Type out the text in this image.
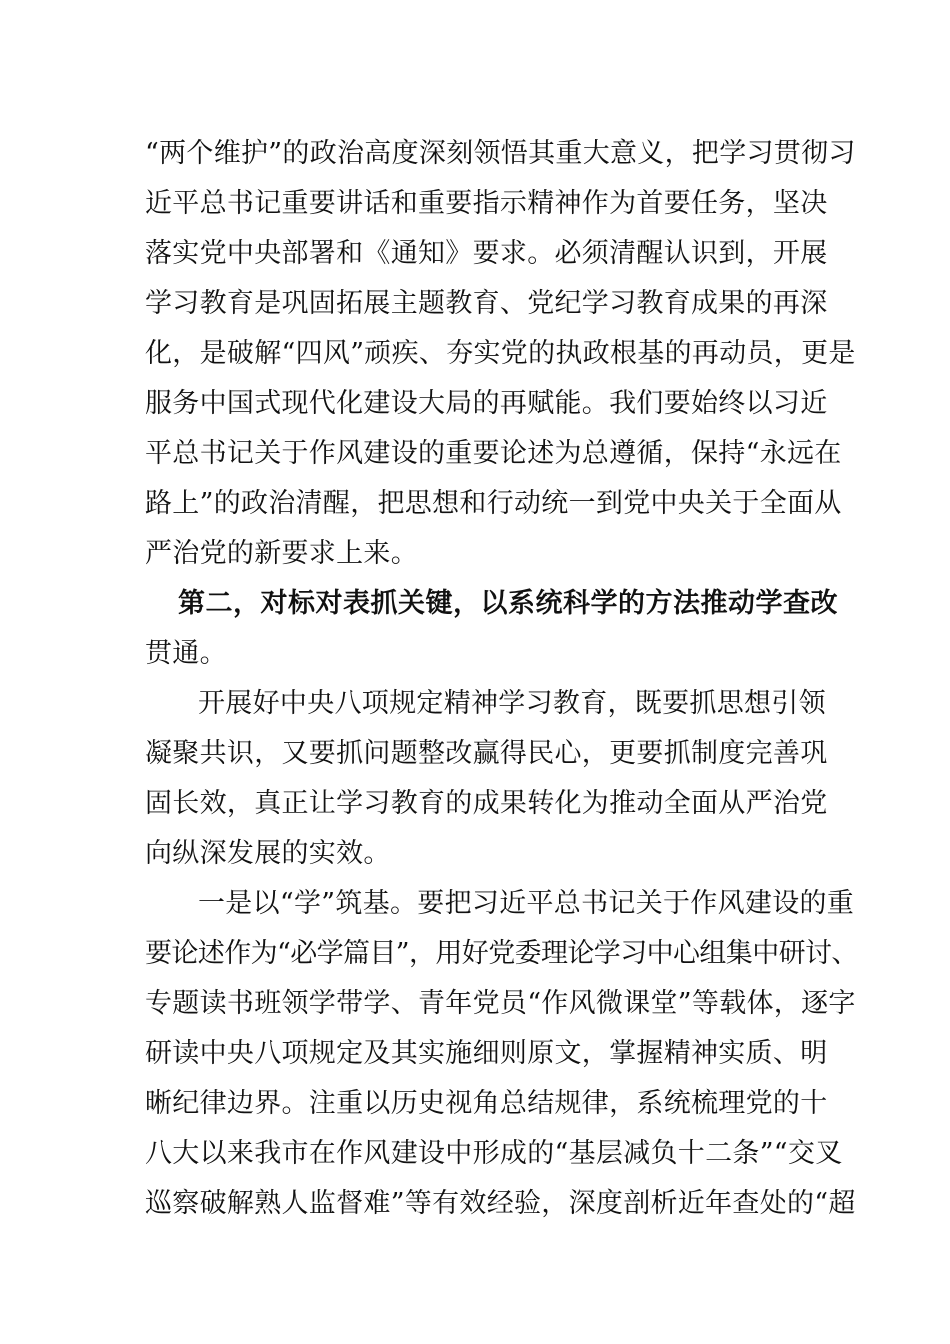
“两个维护”的政治高度深刻领悟其重大意义，把学习贯彻习
近平总书记重要讲话和重要指示精神作为首要任务，坚决
落实党中央部署和《通知》要求。必须清醒认识到，开展
学习教育是巩固拓展主题教育、党纪学习教育成果的再深
化，是破解“四风”顽疾、夯实党的执政根基的再动员，更是
服务中国式现代化建设大局的再赋能。我们要始终以习近
平总书记关于作风建设的重要论述为总遵循，保持“永远在
路上”的政治清醒，把思想和行动统一到党中央关于全面从
严治党的新要求上来。
第二，对标对表抓关键，以系统科学的方法推动学查改
贯通。
开展好中央八项规定精神学习教育，既要抓思想引领
凝聚共识，又要抓问题整改赢得民心，更要抓制度完善巩
固长效，真正让学习教育的成果转化为推动全面从严治党
向纵深发展的实效。
一是以“学”筑基。要把习近平总书记关于作风建设的重
要论述作为“必学篇目”，用好党委理论学习中心组集中研讨、
专题读书班领学带学、青年党员“作风微课堂”等载体，逐字
研读中央八项规定及其实施细则原文，掌握精神实质、明
晰纪律边界。注重以历史视角总结规律，系统梳理党的十
八大以来我市在作风建设中形成的“基层减负十二条”“交叉
巡察破解熟人监督难”等有效经验，深度剖析近年查处的“超
